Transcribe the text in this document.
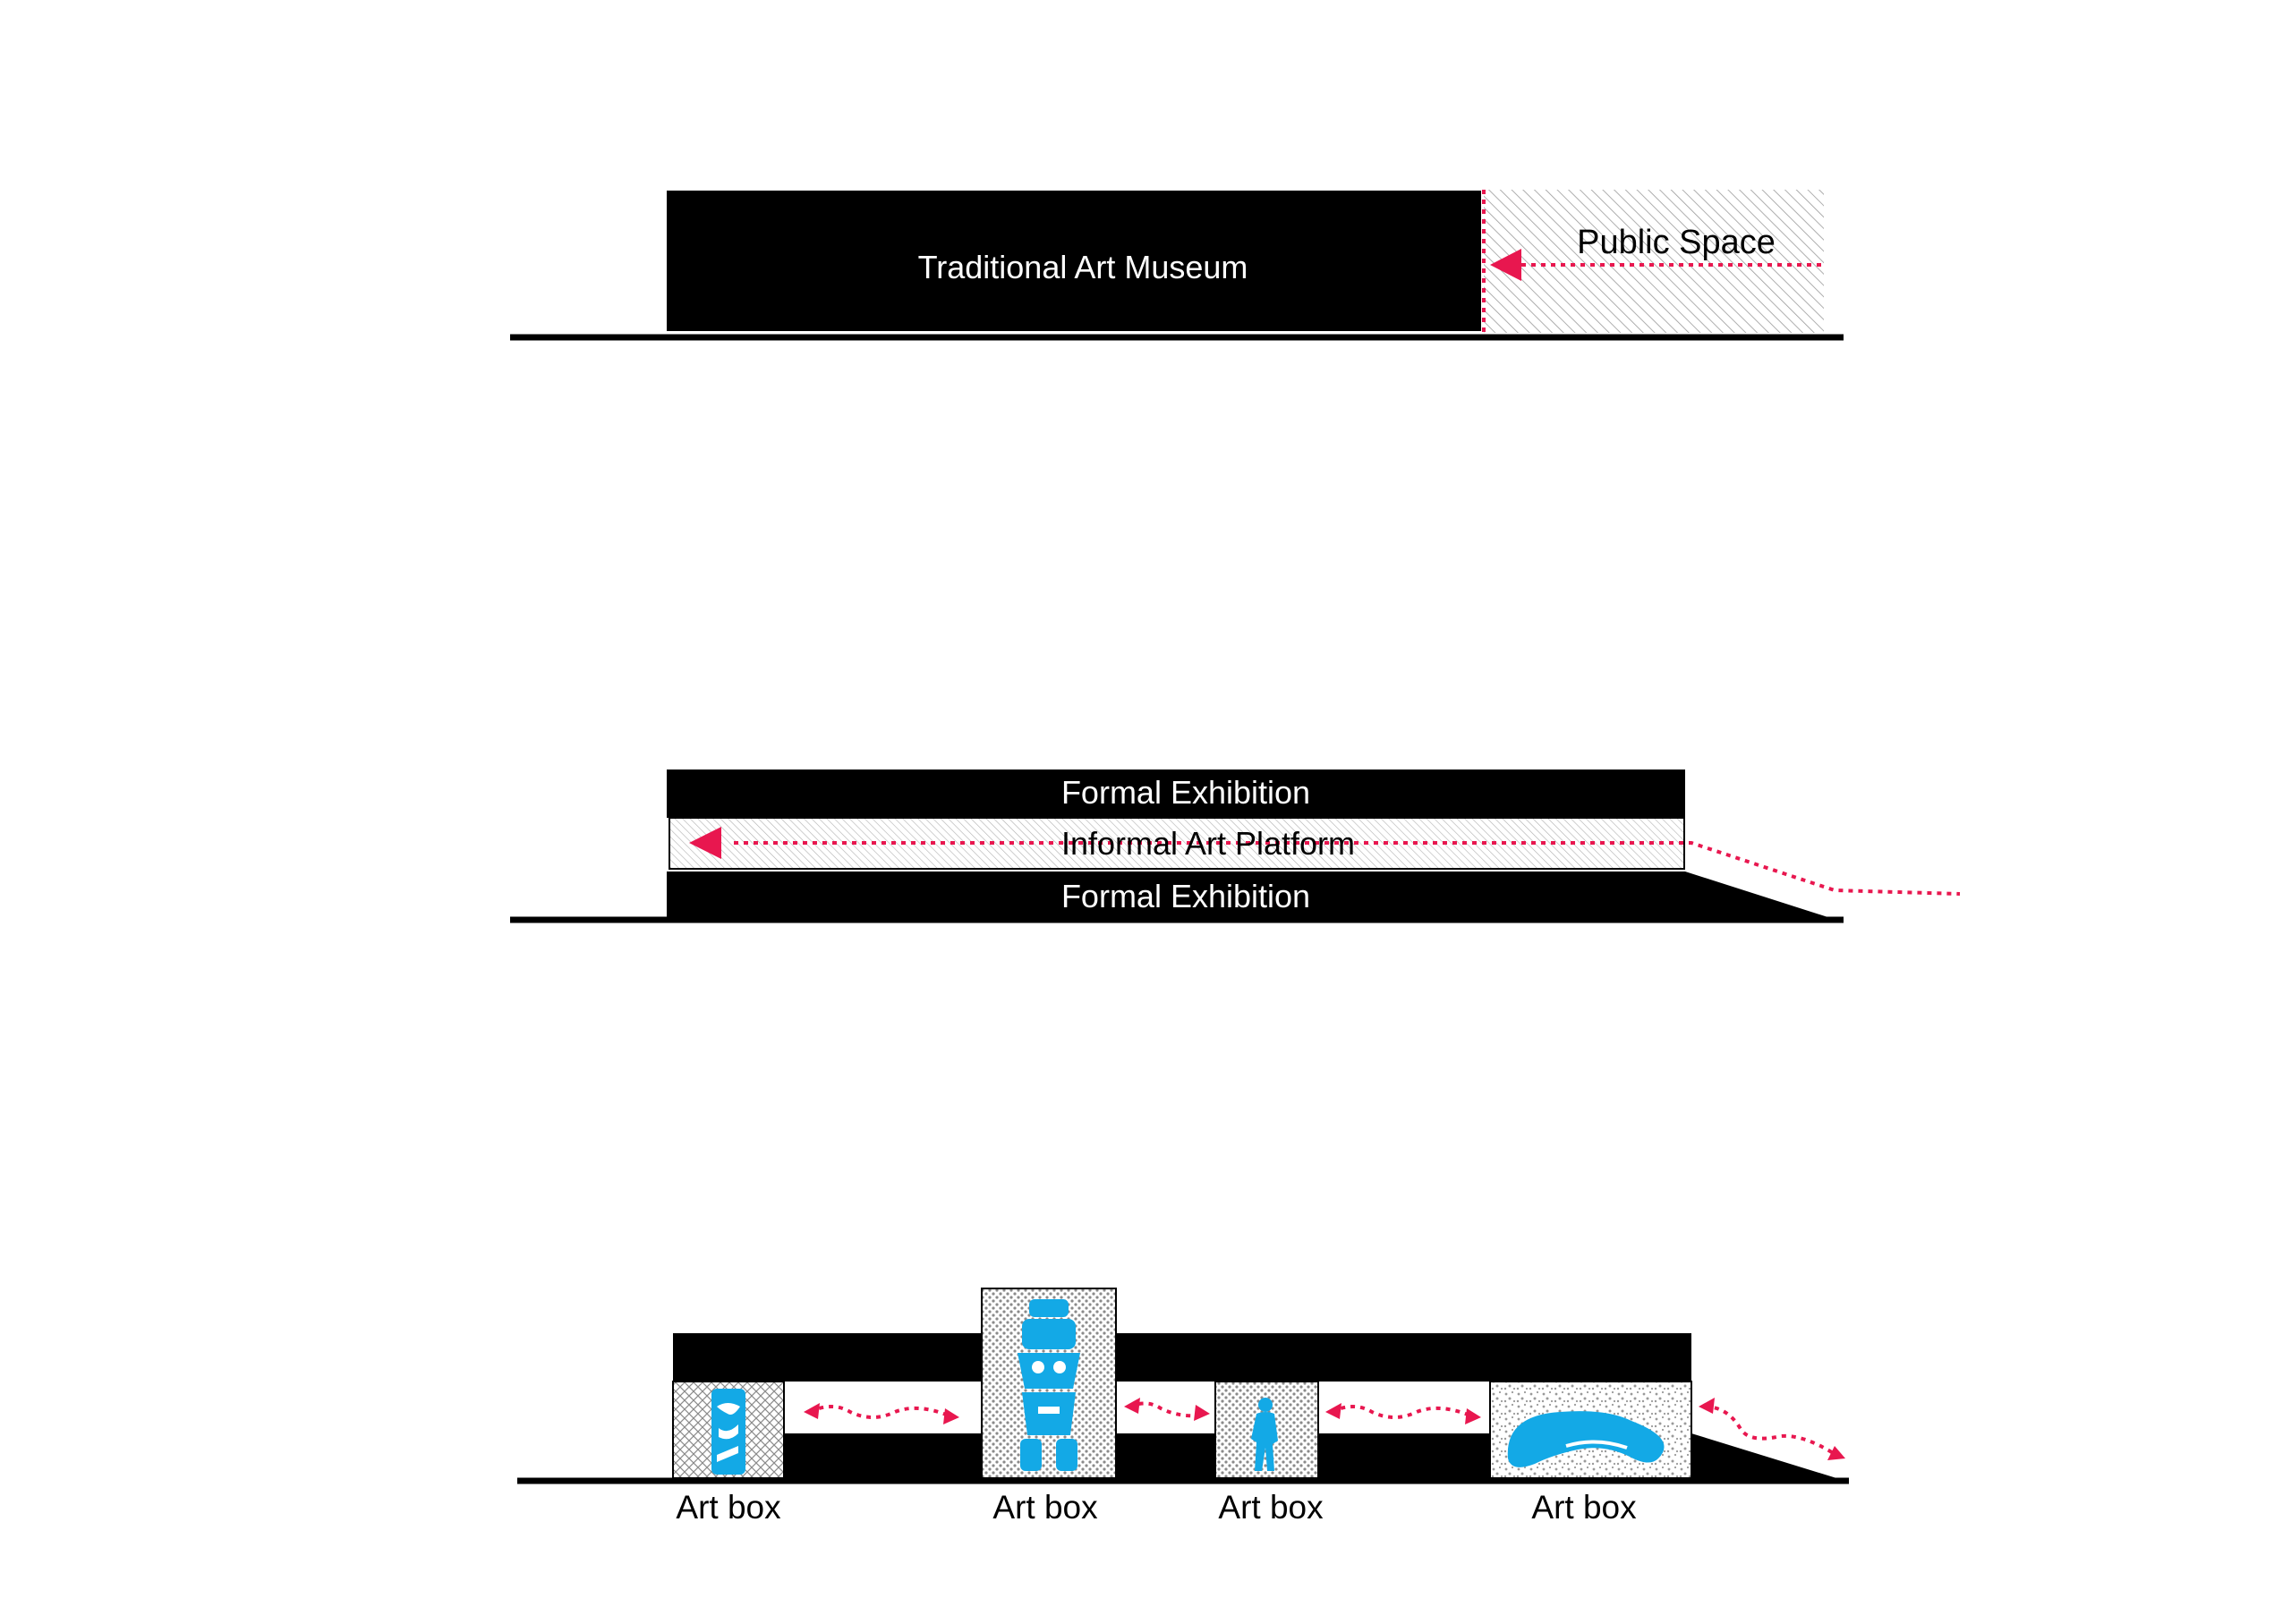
Traditional Art Museum
Public Space
Formal Exhibition
Informal Art Platform
Formal Exhibition
Art box	Art box	Art box	Art box
